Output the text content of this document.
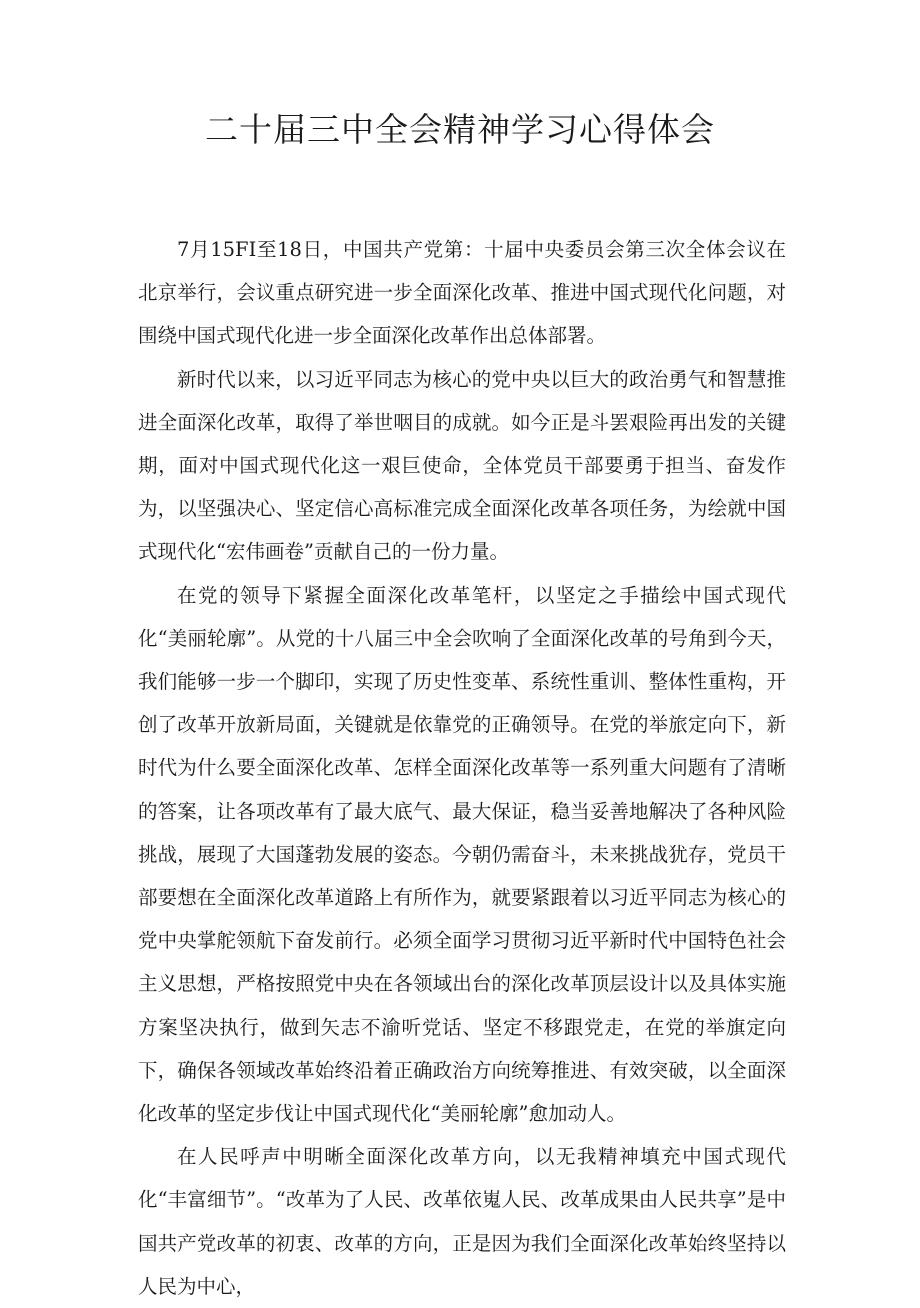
二十届三中全会精神学习心得体会

7月15FI至18日，中国共产党第：十届中央委员会第三次全体会议在北京举行，会议重点研究进一步全面深化改革、推进中国式现代化问题，对围绕中国式现代化进一步全面深化改革作出总体部署。

新时代以来，以习近平同志为核心的党中央以巨大的政治勇气和智慧推进全面深化改革，取得了举世咽目的成就。如今正是斗罢艰险再出发的关键期，面对中国式现代化这一艰巨使命，全体党员干部要勇于担当、奋发作为，以坚强决心、坚定信心高标准完成全面深化改革各项任务，为绘就中国式现代化“宏伟画卷”贡献自己的一份力量。

在党的领导下紧握全面深化改革笔杆，以坚定之手描绘中国式现代化“美丽轮廓”。从党的十八届三中全会吹响了全面深化改革的号角到今天，我们能够一步一个脚印，实现了历史性变革、系统性重训、整体性重构，开创了改革开放新局面，关键就是依靠党的正确领导。在党的举旅定向下，新时代为什么要全面深化改革、怎样全面深化改革等一系列重大问题有了清晰的答案，让各项改革有了最大底气、最大保证，稳当妥善地解决了各种风险挑战，展现了大国蓬勃发展的姿态。今朝仍需奋斗，未来挑战犹存，党员干部要想在全面深化改革道路上有所作为，就要紧跟着以习近平同志为核心的党中央掌舵领航下奋发前行。必须全面学习贯彻习近平新时代中国特色社会主义思想，严格按照党中央在各领域出台的深化改革顶层设计以及具体实施方案坚决执行，做到矢志不渝听党话、坚定不移跟党走，在党的举旗定向下，确保各领域改革始终沿着正确政治方向统筹推进、有效突破，以全面深化改革的坚定步伐让中国式现代化“美丽轮廓”愈加动人。

在人民呼声中明晰全面深化改革方向，以无我精神填充中国式现代化“丰富细节”。“改革为了人民、改革依嵬人民、改革成果由人民共享”是中国共产党改革的初衷、改革的方向，正是因为我们全面深化改革始终坚持以人民为中心，
